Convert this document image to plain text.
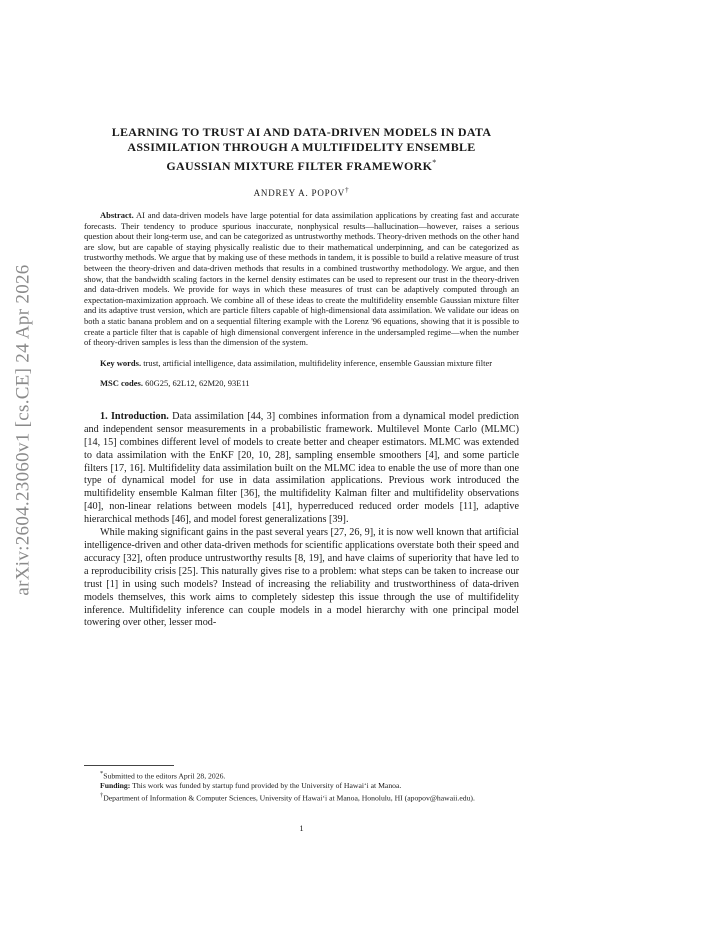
arXiv:2604.23060v1 [cs.CE] 24 Apr 2026
LEARNING TO TRUST AI AND DATA-DRIVEN MODELS IN DATA
ASSIMILATION THROUGH A MULTIFIDELITY ENSEMBLE
GAUSSIAN MIXTURE FILTER FRAMEWORK*
ANDREY A. POPOV†
Abstract. AI and data-driven models have large potential for data assimilation applications by creating fast and accurate forecasts. Their tendency to produce spurious inaccurate, nonphysical results—hallucination—however, raises a serious question about their long-term use, and can be categorized as untrustworthy methods. Theory-driven methods on the other hand are slow, but are capable of staying physically realistic due to their mathematical underpinning, and can be categorized as trustworthy methods. We argue that by making use of these methods in tandem, it is possible to build a relative measure of trust between the theory-driven and data-driven methods that results in a combined trustworthy methodology. We argue, and then show, that the bandwidth scaling factors in the kernel density estimates can be used to represent our trust in the theory-driven and data-driven models. We provide for ways in which these measures of trust can be adaptively computed through an expectation-maximization approach. We combine all of these ideas to create the multifidelity ensemble Gaussian mixture filter and its adaptive trust version, which are particle filters capable of high-dimensional data assimilation. We validate our ideas on both a static banana problem and on a sequential filtering example with the Lorenz '96 equations, showing that it is possible to create a particle filter that is capable of high dimensional convergent inference in the undersampled regime—when the number of theory-driven samples is less than the dimension of the system.
Key words. trust, artificial intelligence, data assimilation, multifidelity inference, ensemble Gaussian mixture filter
MSC codes. 60G25, 62L12, 62M20, 93E11

1. Introduction. Data assimilation [44, 3] combines information from a dynamical model prediction and independent sensor measurements in a probabilistic framework. Multilevel Monte Carlo (MLMC) [14, 15] combines different level of models to create better and cheaper estimators. MLMC was extended to data assimilation with the EnKF [20, 10, 28], sampling ensemble smoothers [4], and some particle filters [17, 16]. Multifidelity data assimilation built on the MLMC idea to enable the use of more than one type of dynamical model for use in data assimilation applications. Previous work introduced the multifidelity ensemble Kalman filter [36], the multifidelity Kalman filter and multifidelity observations [40], non-linear relations between models [41], hyperreduced reduced order models [11], adaptive hierarchical methods [46], and model forest generalizations [39].

While making significant gains in the past several years [27, 26, 9], it is now well known that artificial intelligence-driven and other data-driven methods for scientific applications overstate both their speed and accuracy [32], often produce untrustworthy results [8, 19], and have claims of superiority that have led to a reproducibility crisis [25]. This naturally gives rise to a problem: what steps can be taken to increase our trust [1] in using such models? Instead of increasing the reliability and trustworthiness of data-driven models themselves, this work aims to completely sidestep this issue through the use of multifidelity inference. Multifidelity inference can couple models in a model hierarchy with one principal model towering over other, lesser mod-

*Submitted to the editors April 28, 2026.

Funding: This work was funded by startup fund provided by the University of Hawaiʻi at Manoa.

†Department of Information & Computer Sciences, University of Hawaiʻi at Manoa, Honolulu, HI (apopov@hawaii.edu).

1
